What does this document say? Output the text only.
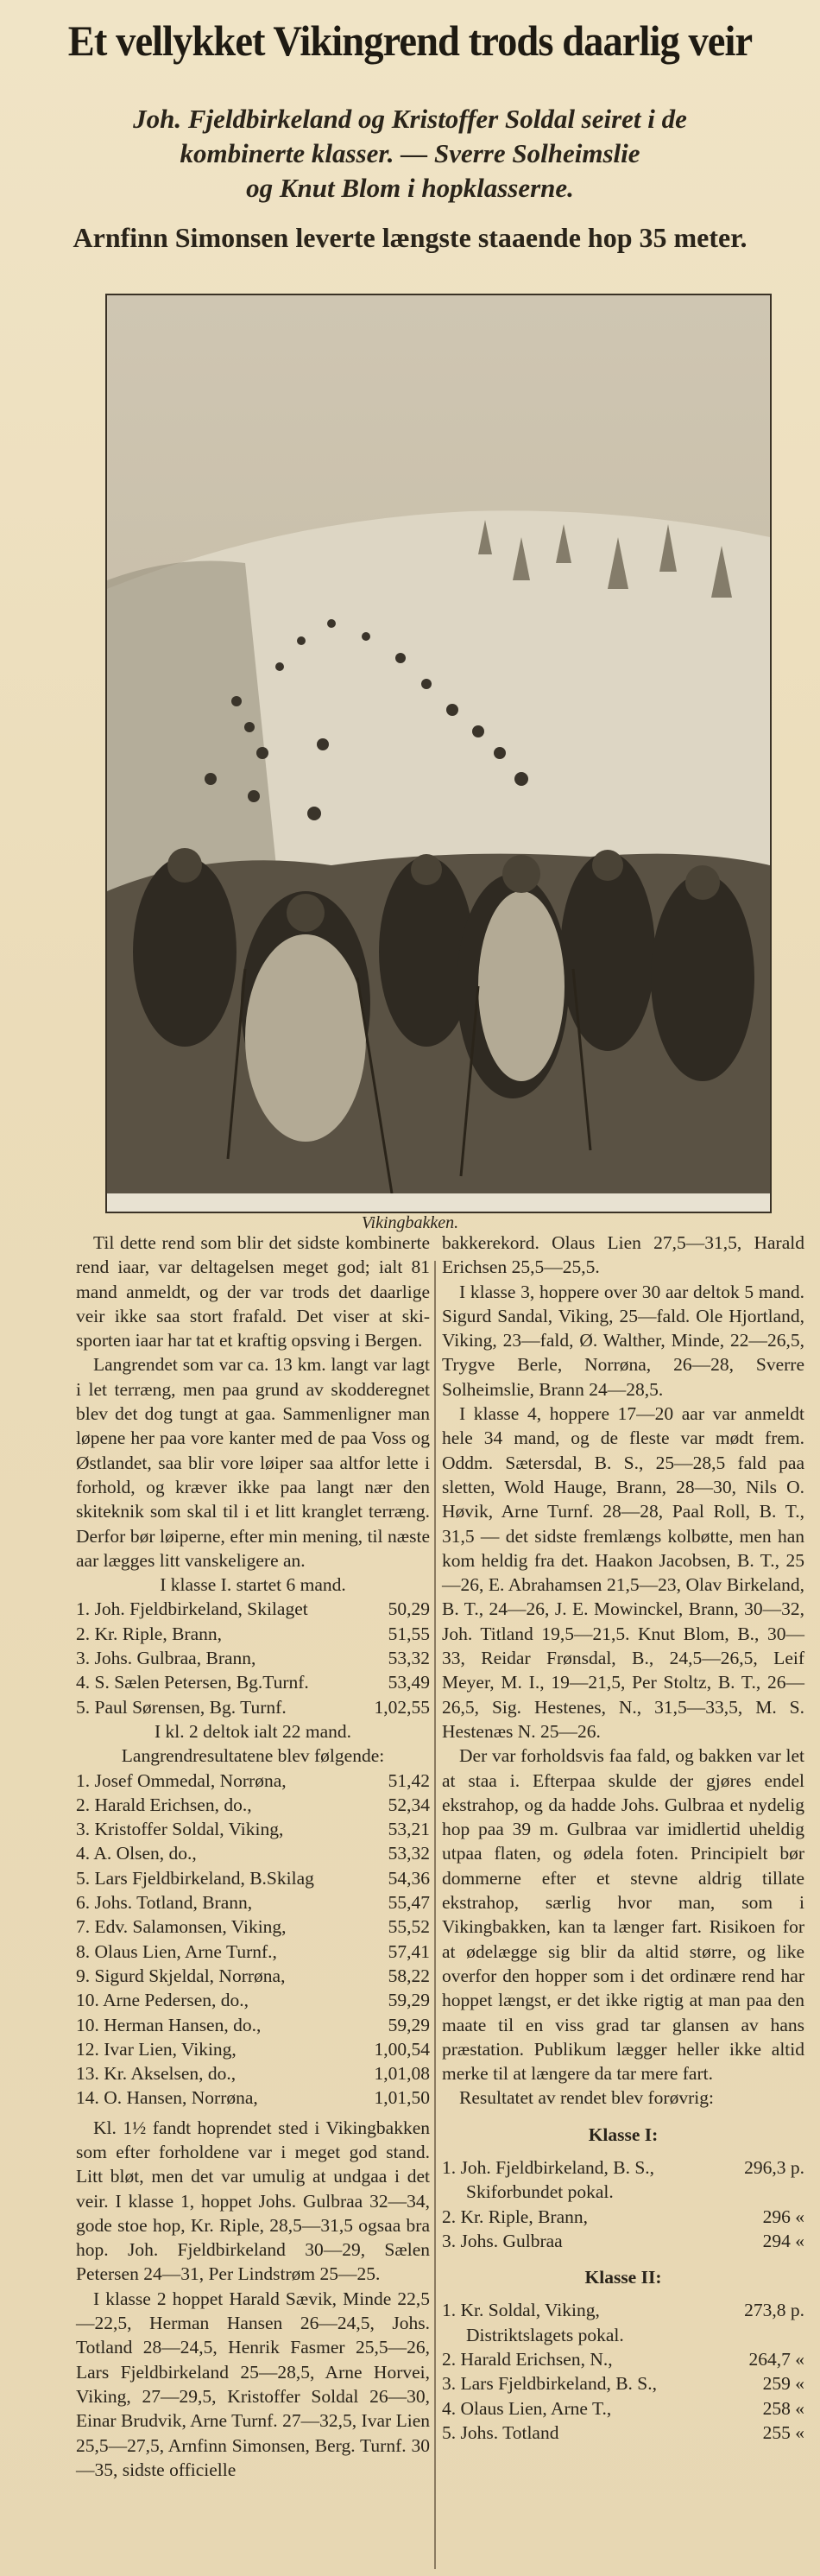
Et vellykket Vikingrend trods daarlig veir
Joh. Fjeldbirkeland og Kristoffer Soldal seiret i de
kombinerte klasser. — Sverre Solheimslie
og Knut Blom i hopklasserne.
Arnfinn Simonsen leverte længste staaende hop 35 meter.
Vikingbakken.

Til dette rend som blir det sidste kombinerte rend iaar, var deltagelsen meget god; ialt 81 mand anmeldt, og der var trods det daarlige veir ikke saa stort frafald. Det viser at ski-sporten iaar har tat et kraftig opsving i Bergen.

Langrendet som var ca. 13 km. langt var lagt i let terræng, men paa grund av skodderegnet blev det dog tungt at gaa. Sammenligner man løpene her paa vore kanter med de paa Voss og Østlandet, saa blir vore løiper saa altfor lette i forhold, og kræver ikke paa langt nær den skiteknik som skal til i et litt kranglet terræng. Derfor bør løiperne, efter min mening, til næste aar lægges litt vanskeligere an.

I klasse I. startet 6 mand.
1. Joh. Fjeldbirkeland, Skilaget	50,29
2. Kr. Riple, Brann,	51,55
3. Johs. Gulbraa, Brann,	53,32
4. S. Sælen Petersen, Bg.Turnf.	53,49
5. Paul Sørensen, Bg. Turnf.	1,02,55
I kl. 2 deltok ialt 22 mand.
Langrendresultatene blev følgende:
1. Josef Ommedal, Norrøna,	51,42
2. Harald Erichsen, do.,	52,34
3. Kristoffer Soldal, Viking,	53,21
4. A. Olsen, do.,	53,32
5. Lars Fjeldbirkeland, B.Skilag	54,36
6. Johs. Totland, Brann,	55,47
7. Edv. Salamonsen, Viking,	55,52
8. Olaus Lien, Arne Turnf.,	57,41
9. Sigurd Skjeldal, Norrøna,	58,22
10. Arne Pedersen, do.,	59,29
10. Herman Hansen, do.,	59,29
12. Ivar Lien, Viking,	1,00,54
13. Kr. Akselsen, do.,	1,01,08
14. O. Hansen, Norrøna,	1,01,50

Kl. 1½ fandt hoprendet sted i Vikingbakken som efter forholdene var i meget god stand. Litt bløt, men det var umulig at undgaa i det veir. I klasse 1, hoppet Johs. Gulbraa 32—34, gode stoe hop, Kr. Riple, 28,5—31,5 ogsaa bra hop. Joh. Fjeldbirkeland 30—29, Sælen Petersen 24—31, Per Lindstrøm 25—25.

I klasse 2 hoppet Harald Sævik, Minde 22,5—22,5, Herman Hansen 26—24,5, Johs. Totland 28—24,5, Henrik Fasmer 25,5—26, Lars Fjeldbirkeland 25—28,5, Arne Horvei, Viking, 27—29,5, Kristoffer Soldal 26—30, Einar Brudvik, Arne Turnf. 27—32,5, Ivar Lien 25,5—27,5, Arnfinn Simonsen, Berg. Turnf. 30—35, sidste officielle

bakkerekord. Olaus Lien 27,5—31,5, Harald Erichsen 25,5—25,5.

I klasse 3, hoppere over 30 aar deltok 5 mand. Sigurd Sandal, Viking, 25—fald. Ole Hjortland, Viking, 23—fald, Ø. Walther, Minde, 22—26,5, Trygve Berle, Norrøna, 26—28, Sverre Solheimslie, Brann 24—28,5.

I klasse 4, hoppere 17—20 aar var anmeldt hele 34 mand, og de fleste var mødt frem. Oddm. Sætersdal, B. S., 25—28,5 fald paa sletten, Wold Hauge, Brann, 28—30, Nils O. Høvik, Arne Turnf. 28—28, Paal Roll, B. T., 31,5 — det sidste fremlængs kolbøtte, men han kom heldig fra det. Haakon Jacobsen, B. T., 25—26, E. Abrahamsen 21,5—23, Olav Birkeland, B. T., 24—26, J. E. Mowinckel, Brann, 30—32, Joh. Titland 19,5—21,5. Knut Blom, B., 30—33, Reidar Frønsdal, B., 24,5—26,5, Leif Meyer, M. I., 19—21,5, Per Stoltz, B. T., 26—26,5, Sig. Hestenes, N., 31,5—33,5, M. S. Hestenæs N. 25—26.

Der var forholdsvis faa fald, og bakken var let at staa i. Efterpaa skulde der gjøres endel ekstrahop, og da hadde Johs. Gulbraa et nydelig hop paa 39 m. Gulbraa var imidlertid uheldig utpaa flaten, og ødela foten. Principielt bør dommerne efter et stevne aldrig tillate ekstrahop, særlig hvor man, som i Vikingbakken, kan ta længer fart. Risikoen for at ødelægge sig blir da altid større, og like overfor den hopper som i det ordinære rend har hoppet længst, er det ikke rigtig at man paa den maate til en viss grad tar glansen av hans præstation. Publikum lægger heller ikke altid merke til at længere da tar mere fart.

Resultatet av rendet blev forøvrig:

Klasse I:
1. Joh. Fjeldbirkeland, B. S.,	296,3 p.
Skiforbundet pokal.
2. Kr. Riple, Brann,	296 «
3. Johs. Gulbraa	294 «
Klasse II:
1. Kr. Soldal, Viking,	273,8 p.
Distriktslagets pokal.
2. Harald Erichsen, N.,	264,7 «
3. Lars Fjeldbirkeland, B. S.,	259 «
4. Olaus Lien, Arne T.,	258 «
5. Johs. Totland	255 «
